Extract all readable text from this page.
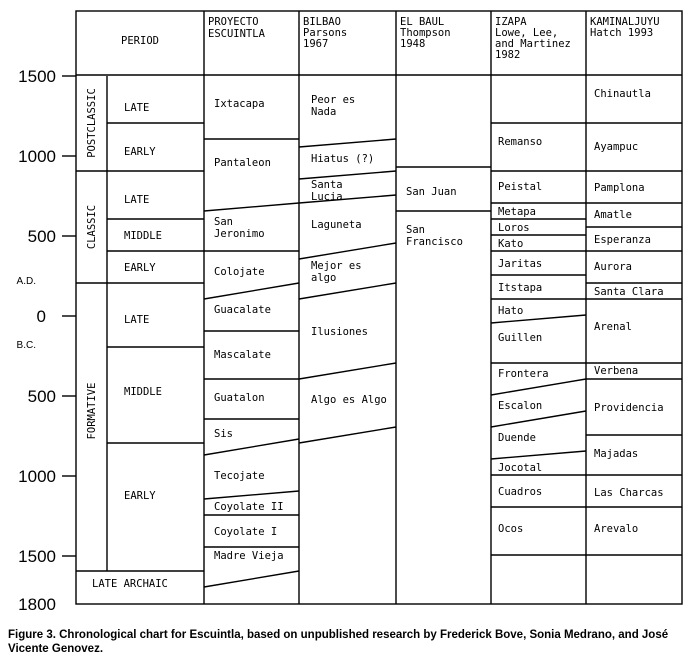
1500
1000
500
A.D.
0
B.C.
500
1000
1500
1800
PERIOD
PROYECTO
ESCUINTLA
BILBAO
Parsons
1967
EL BAUL
Thompson
1948
IZAPA
Lowe, Lee,
and Martinez
1982
KAMINALJUYU
Hatch 1993
POSTCLASSIC
CLASSIC
FORMATIVE
LATE
EARLY
LATE
MIDDLE
EARLY
LATE
MIDDLE
EARLY
LATE ARCHAIC
Ixtacapa
Pantaleon
San
Jeronimo
Colojate
Guacalate
Mascalate
Guatalon
Sis
Tecojate
Coyolate II
Coyolate I
Madre Vieja
Peor es
Nada
Hiatus (?)
Santa
Lucia
Laguneta
Mejor es
algo
Ilusiones
Algo es Algo
San Juan
San
Francisco
Remanso
Peistal
Metapa
Loros
Kato
Jaritas
Itstapa
Hato
Guillen
Frontera
Escalon
Duende
Jocotal
Cuadros
Ocos
Chinautla
Ayampuc
Pamplona
Amatle
Esperanza
Aurora
Santa Clara
Arenal
Verbena
Providencia
Majadas
Las Charcas
Arevalo
Figure 3. Chronological chart for Escuintla, based on unpublished research by Frederick Bove, Sonia Medrano, and José Vicente Genovez.
